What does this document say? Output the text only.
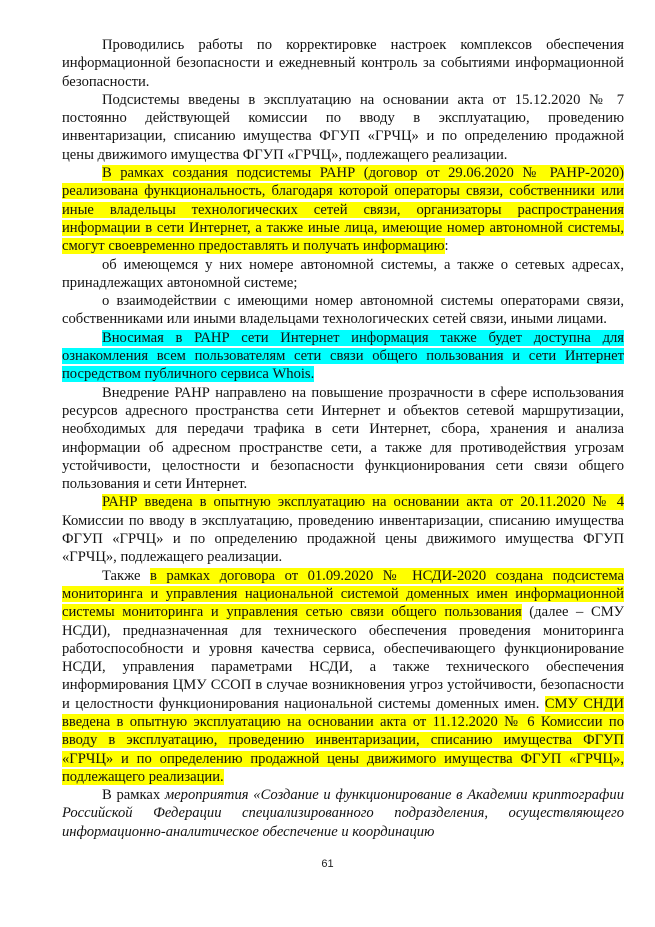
Проводились работы по корректировке настроек комплексов обеспечения информационной безопасности и ежедневный контроль за событиями информационной безопасности.

Подсистемы введены в эксплуатацию на основании акта от 15.12.2020 № 7 постоянно действующей комиссии по вводу в эксплуатацию, проведению инвентаризации, списанию имущества ФГУП «ГРЧЦ» и по определению продажной цены движимого имущества ФГУП «ГРЧЦ», подлежащего реализации.

В рамках создания подсистемы РАНР (договор от 29.06.2020 № РАНР-2020) реализована функциональность, благодаря которой операторы связи, собственники или иные владельцы технологических сетей связи, организаторы распространения информации в сети Интернет, а также иные лица, имеющие номер автономной системы, смогут своевременно предоставлять и получать информацию:

об имеющемся у них номере автономной системы, а также о сетевых адресах, принадлежащих автономной системе;

о взаимодействии с имеющими номер автономной системы операторами связи, собственниками или иными владельцами технологических сетей связи, иными лицами.

Вносимая в РАНР сети Интернет информация также будет доступна для ознакомления всем пользователям сети связи общего пользования и сети Интернет посредством публичного сервиса Whois.

Внедрение РАНР направлено на повышение прозрачности в сфере использования ресурсов адресного пространства сети Интернет и объектов сетевой маршрутизации, необходимых для передачи трафика в сети Интернет, сбора, хранения и анализа информации об адресном пространстве сети, а также для противодействия угрозам устойчивости, целостности и безопасности функционирования сети связи общего пользования и сети Интернет.

РАНР введена в опытную эксплуатацию на основании акта от 20.11.2020 № 4 Комиссии по вводу в эксплуатацию, проведению инвентаризации, списанию имущества ФГУП «ГРЧЦ» и по определению продажной цены движимого имущества ФГУП «ГРЧЦ», подлежащего реализации.

Также в рамках договора от 01.09.2020 № НСДИ-2020 создана подсистема мониторинга и управления национальной системой доменных имен информационной системы мониторинга и управления сетью связи общего пользования (далее – СМУ НСДИ), предназначенная для технического обеспечения проведения мониторинга работоспособности и уровня качества сервиса, обеспечивающего функционирование НСДИ, управления параметрами НСДИ, а также технического обеспечения информирования ЦМУ ССОП в случае возникновения угроз устойчивости, безопасности и целостности функционирования национальной системы доменных имен. СМУ СНДИ введена в опытную эксплуатацию на основании акта от 11.12.2020 № 6 Комиссии по вводу в эксплуатацию, проведению инвентаризации, списанию имущества ФГУП «ГРЧЦ» и по определению продажной цены движимого имущества ФГУП «ГРЧЦ», подлежащего реализации.

В рамках мероприятия «Создание и функционирование в Академии криптографии Российской Федерации специализированного подразделения, осуществляющего информационно-аналитическое обеспечение и координацию

61
